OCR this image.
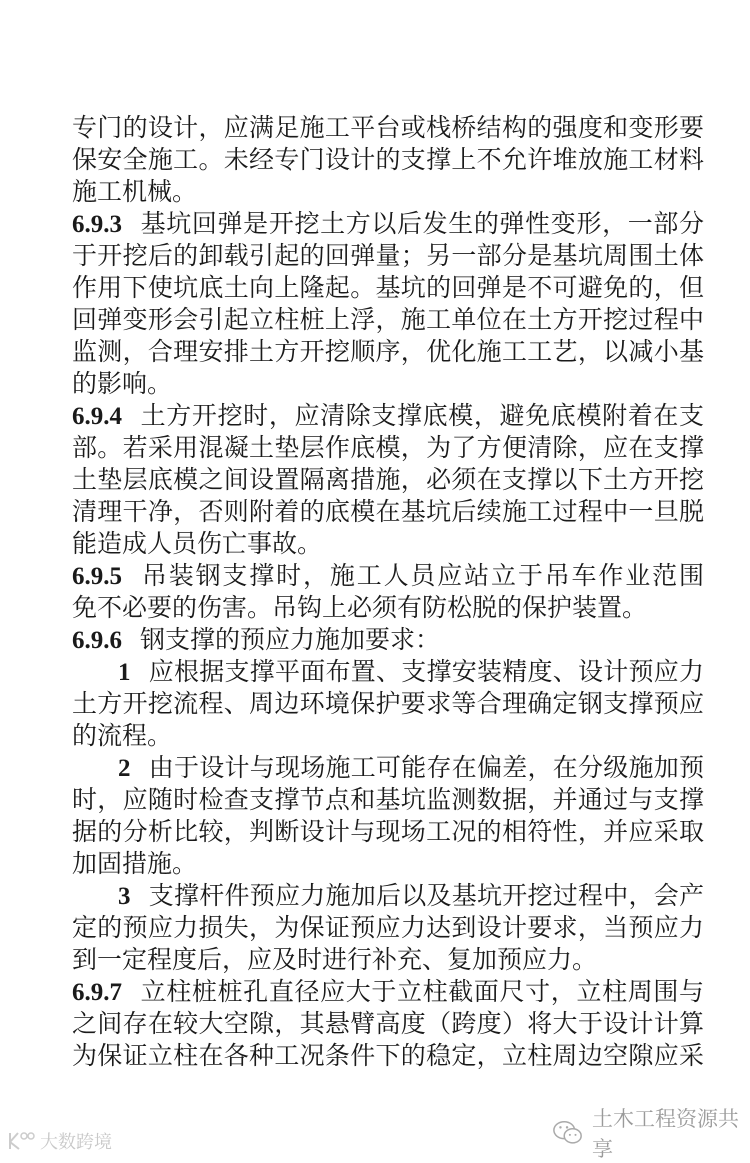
专门的设计，应满足施工平台或栈桥结构的强度和变形要
保安全施工。未经专门设计的支撑上不允许堆放施工材料
施工机械。
6.9.3 基坑回弹是开挖土方以后发生的弹性变形，一部分
于开挖后的卸载引起的回弹量；另一部分是基坑周围土体
作用下使坑底土向上隆起。基坑的回弹是不可避免的，但
回弹变形会引起立柱桩上浮，施工单位在土方开挖过程中
监测，合理安排土方开挖顺序，优化施工工艺，以减小基
的影响。
6.9.4 土方开挖时，应清除支撑底模，避免底模附着在支
部。若采用混凝土垫层作底模，为了方便清除，应在支撑
土垫层底模之间设置隔离措施，必须在支撑以下土方开挖
清理干净，否则附着的底模在基坑后续施工过程中一旦脱
能造成人员伤亡事故。
6.9.5 吊装钢支撑时，施工人员应站立于吊车作业范围
免不必要的伤害。吊钩上必须有防松脱的保护装置。
6.9.6 钢支撑的预应力施加要求：
1 应根据支撑平面布置、支撑安装精度、设计预应力
土方开挖流程、周边环境保护要求等合理确定钢支撑预应
的流程。
2 由于设计与现场施工可能存在偏差，在分级施加预
时，应随时检查支撑节点和基坑监测数据，并通过与支撑
据的分析比较，判断设计与现场工况的相符性，并应采取
加固措施。
3 支撑杆件预应力施加后以及基坑开挖过程中，会产
定的预应力损失，为保证预应力达到设计要求，当预应力
到一定程度后，应及时进行补充、复加预应力。
6.9.7 立柱桩桩孔直径应大于立柱截面尺寸，立柱周围与
之间存在较大空隙，其悬臂高度（跨度）将大于设计计算
为保证立柱在各种工况条件下的稳定，立柱周边空隙应采
土木工程资源共享
大数跨境
